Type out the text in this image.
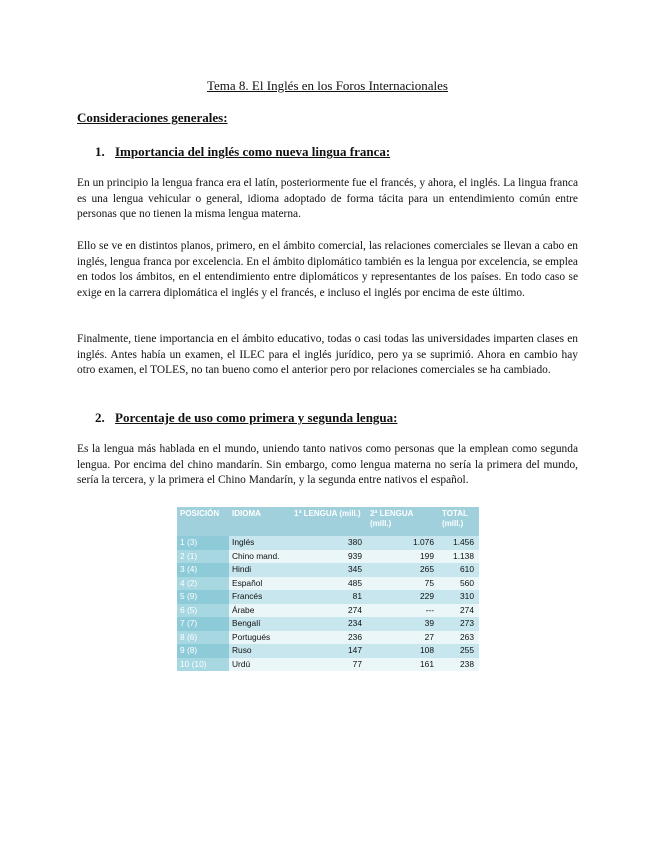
Tema 8. El Inglés en los Foros Internacionales
Consideraciones generales:
1. Importancia del inglés como nueva lingua franca:

En un principio la lengua franca era el latín, posteriormente fue el francés, y ahora, el inglés. La lingua franca es una lengua vehicular o general, idioma adoptado de forma tácita para un entendimiento común entre personas que no tienen la misma lengua materna.

Ello se ve en distintos planos, primero, en el ámbito comercial, las relaciones comerciales se llevan a cabo en inglés, lengua franca por excelencia. En el ámbito diplomático también es la lengua por excelencia, se emplea en todos los ámbitos, en el entendimiento entre diplomáticos y representantes de los países. En todo caso se exige en la carrera diplomática el inglés y el francés, e incluso el inglés por encima de este último.

Finalmente, tiene importancia en el ámbito educativo, todas o casi todas las universidades imparten clases en inglés. Antes había un examen, el ILEC para el inglés jurídico, pero ya se suprimió. Ahora en cambio hay otro examen, el TOLES, no tan bueno como el anterior pero por relaciones comerciales se ha cambiado.

2. Porcentaje de uso como primera y segunda lengua:

Es la lengua más hablada en el mundo, uniendo tanto nativos como personas que la emplean como segunda lengua. Por encima del chino mandarín. Sin embargo, como lengua materna no sería la primera del mundo, sería la tercera, y la primera el Chino Mandarín, y la segunda entre nativos el español.

POSICIÓN	IDIOMA	1ª LENGUA (mill.)	2ª LENGUA (mill.)	TOTAL (mill.)
1 (3)	Inglés	380	1.076	1.456
2 (1)	Chino mand.	939	199	1.138
3 (4)	Hindi	345	265	610
4 (2)	Español	485	75	560
5 (9)	Francés	81	229	310
6 (5)	Árabe	274	---	274
7 (7)	Bengalí	234	39	273
8 (6)	Portugués	236	27	263
9 (8)	Ruso	147	108	255
10 (10)	Urdú	77	161	238
